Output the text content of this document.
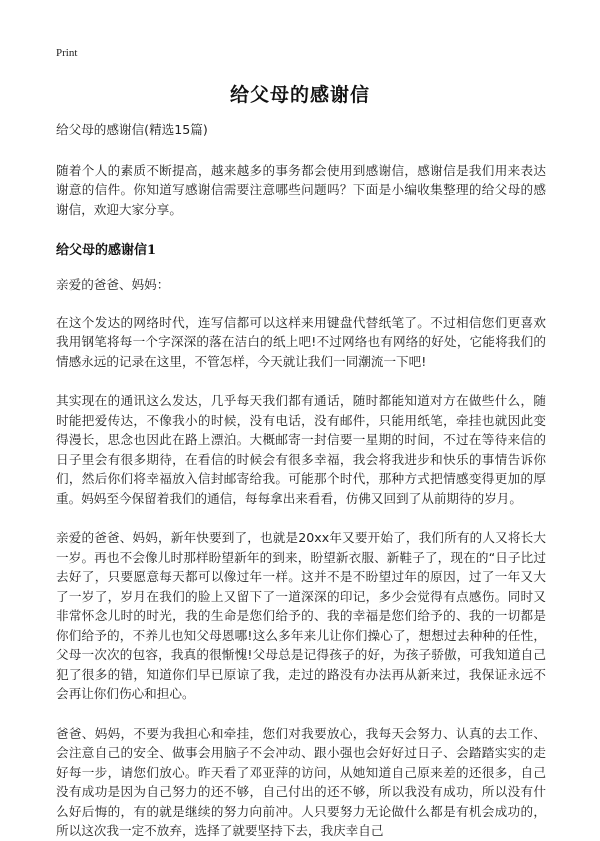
Print
给父母的感谢信

给父母的感谢信(精选15篇)

随着个人的素质不断提高，越来越多的事务都会使用到感谢信，感谢信是我们用来表达谢意的信件。你知道写感谢信需要注意哪些问题吗？下面是小编收集整理的给父母的感谢信，欢迎大家分享。

给父母的感谢信1

亲爱的爸爸、妈妈：

在这个发达的网络时代，连写信都可以这样来用键盘代替纸笔了。不过相信您们更喜欢我用钢笔将每一个字深深的落在洁白的纸上吧!不过网络也有网络的好处，它能将我们的情感永远的记录在这里，不管怎样，今天就让我们一同潮流一下吧!

其实现在的通讯这么发达，几乎每天我们都有通话，随时都能知道对方在做些什么，随时能把爱传达，不像我小的时候，没有电话，没有邮件，只能用纸笔，牵挂也就因此变得漫长，思念也因此在路上漂泊。大概邮寄一封信要一星期的时间，不过在等待来信的日子里会有很多期待，在看信的时候会有很多幸福，我会将我进步和快乐的事情告诉你们，然后你们将幸福放入信封邮寄给我。可能那个时代，那种方式把情感变得更加的厚重。妈妈至今保留着我们的通信，每每拿出来看看，仿佛又回到了从前期待的岁月。

亲爱的爸爸、妈妈，新年快要到了，也就是20xx年又要开始了，我们所有的人又将长大一岁。再也不会像儿时那样盼望新年的到来，盼望新衣服、新鞋子了，现在的“日子比过去好了，只要愿意每天都可以像过年一样。这并不是不盼望过年的原因，过了一年又大了一岁了，岁月在我们的脸上又留下了一道深深的印记，多少会觉得有点感伤。同时又非常怀念儿时的时光，我的生命是您们给予的、我的幸福是您们给予的、我的一切都是你们给予的，不养儿也知父母恩哪!这么多年来儿让你们操心了，想想过去种种的任性，父母一次次的包容，我真的很惭愧!父母总是记得孩子的好，为孩子骄傲，可我知道自己犯了很多的错，知道你们早已原谅了我，走过的路没有办法再从新来过，我保证永远不会再让你们伤心和担心。

爸爸、妈妈，不要为我担心和牵挂，您们对我要放心，我每天会努力、认真的去工作、会注意自己的安全、做事会用脑子不会冲动、跟小强也会好好过日子、会踏踏实实的走好每一步，请您们放心。昨天看了邓亚萍的访问，从她知道自己原来差的还很多，自己没有成功是因为自己努力的还不够，自己付出的还不够，所以我没有成功，所以没有什么好后悔的，有的就是继续的努力向前冲。人只要努力无论做什么都是有机会成功的，所以这次我一定不放弃，选择了就要坚持下去，我庆幸自己
